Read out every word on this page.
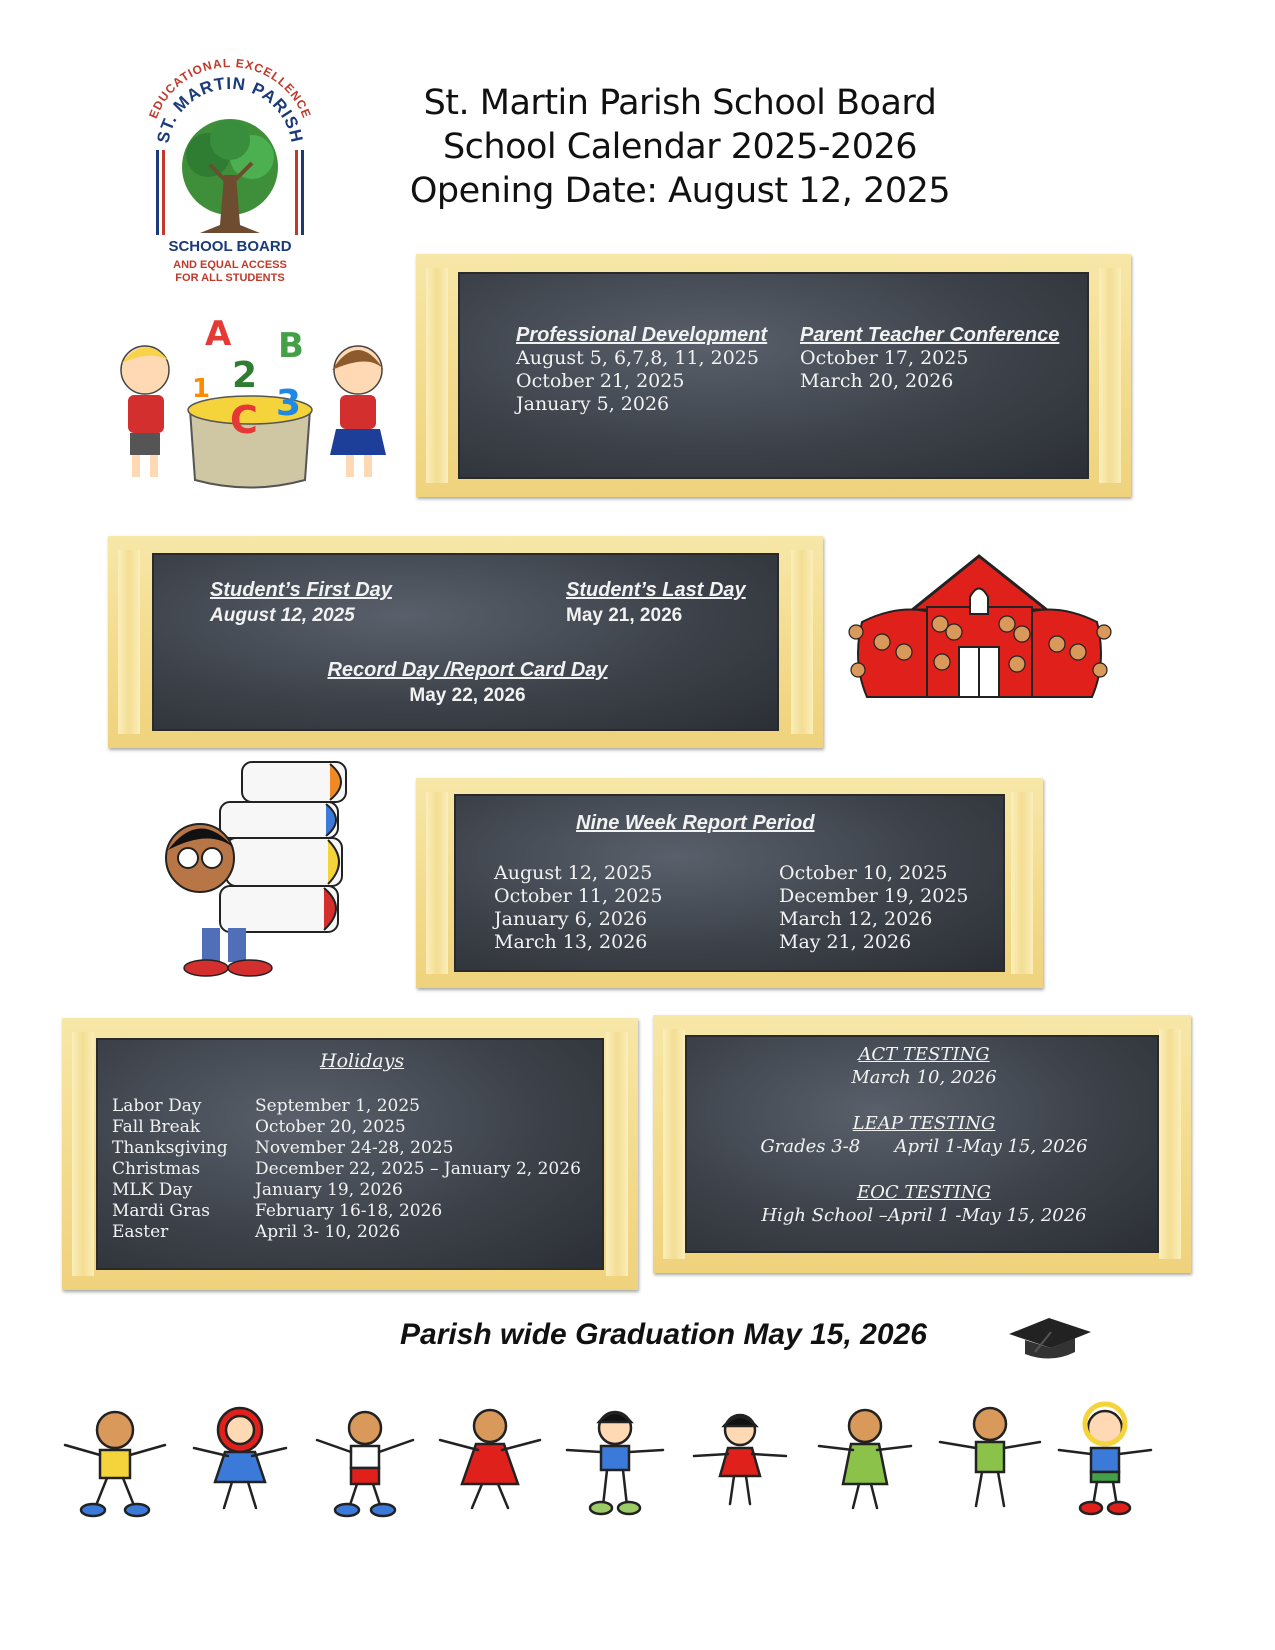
St. Martin Parish School Board
School Calendar 2025-2026
Opening Date: August 12, 2025
EDUCATIONAL EXCELLENCE
ST. MARTIN PARISH
SCHOOL BOARD
AND EQUAL ACCESS
FOR ALL STUDENTS
A B
1 2
3
C
Professional Development
August 5, 6,7,8, 11, 2025
October 21, 2025
January 5, 2026
Parent Teacher Conference
October 17, 2025
March 20, 2026
Student’s First Day
August 12, 2025
Student’s Last Day
May 21, 2026
Record Day /Report Card Day
May 22, 2026
Nine Week Report Period
August 12, 2025
October 11, 2025
January 6, 2026
March 13, 2026
October 10, 2025
December 19, 2025
March 12, 2026
May 21, 2026
Holidays
Labor Day
Fall Break
Thanksgiving
Christmas
MLK Day
Mardi Gras
Easter
September 1, 2025
October 20, 2025
November 24-28, 2025
December 22, 2025 – January 2, 2026
January 19, 2026
February 16-18, 2026
April 3- 10, 2026
ACT TESTING
March 10, 2026
LEAP TESTING
Grades 3-8      April 1-May 15, 2026
EOC TESTING
High School –April 1 -May 15, 2026
Parish wide Graduation May 15, 2026
